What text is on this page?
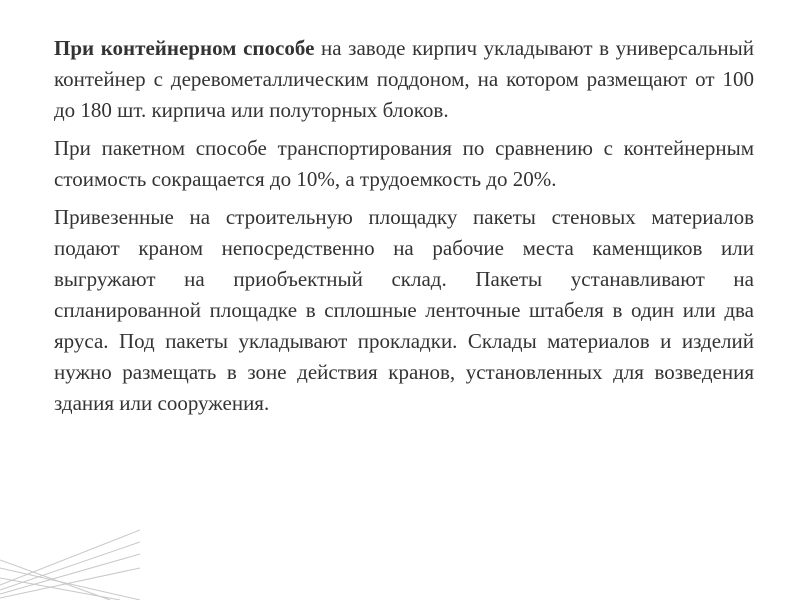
При контейнерном способе на заводе кирпич укладывают в универсальный контейнер с деревометаллическим поддоном, на котором размещают от 100 до 180 шт. кирпича или полуторных блоков.

При пакетном способе транспортирования по сравнению с контейнерным стоимость сокращается до 10%, а трудоемкость до 20%.

Привезенные на строительную площадку пакеты стеновых материалов подают краном непосредственно на рабочие места каменщиков или выгружают на приобъектный склад. Пакеты устанавливают на спланированной площадке в сплошные ленточные штабеля в один или два яруса. Под пакеты укладывают прокладки. Склады материалов и изделий нужно размещать в зоне действия кранов, установленных для возведения здания или сооружения.
